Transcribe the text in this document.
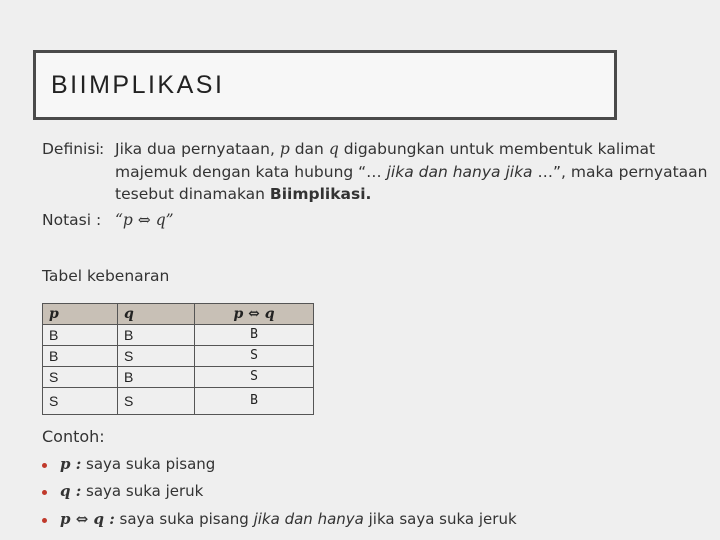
BIIMPLIKASI
Definisi : Jika dua pernyataan, p dan q digabungkan untuk membentuk kalimat
majemuk dengan kata hubung “… jika dan hanya jika …”, maka pernyataan
tesebut dinamakan Biimplikasi.
Notasi : “p ⇔ q”
Tabel kebenaran
p	q	p ⇔ q
B	B	B
B	S	S
S	B	S
S	S	B
Contoh:
p : saya suka pisang
q : saya suka jeruk
p ⇔ q : saya suka pisang jika dan hanya jika saya suka jeruk
